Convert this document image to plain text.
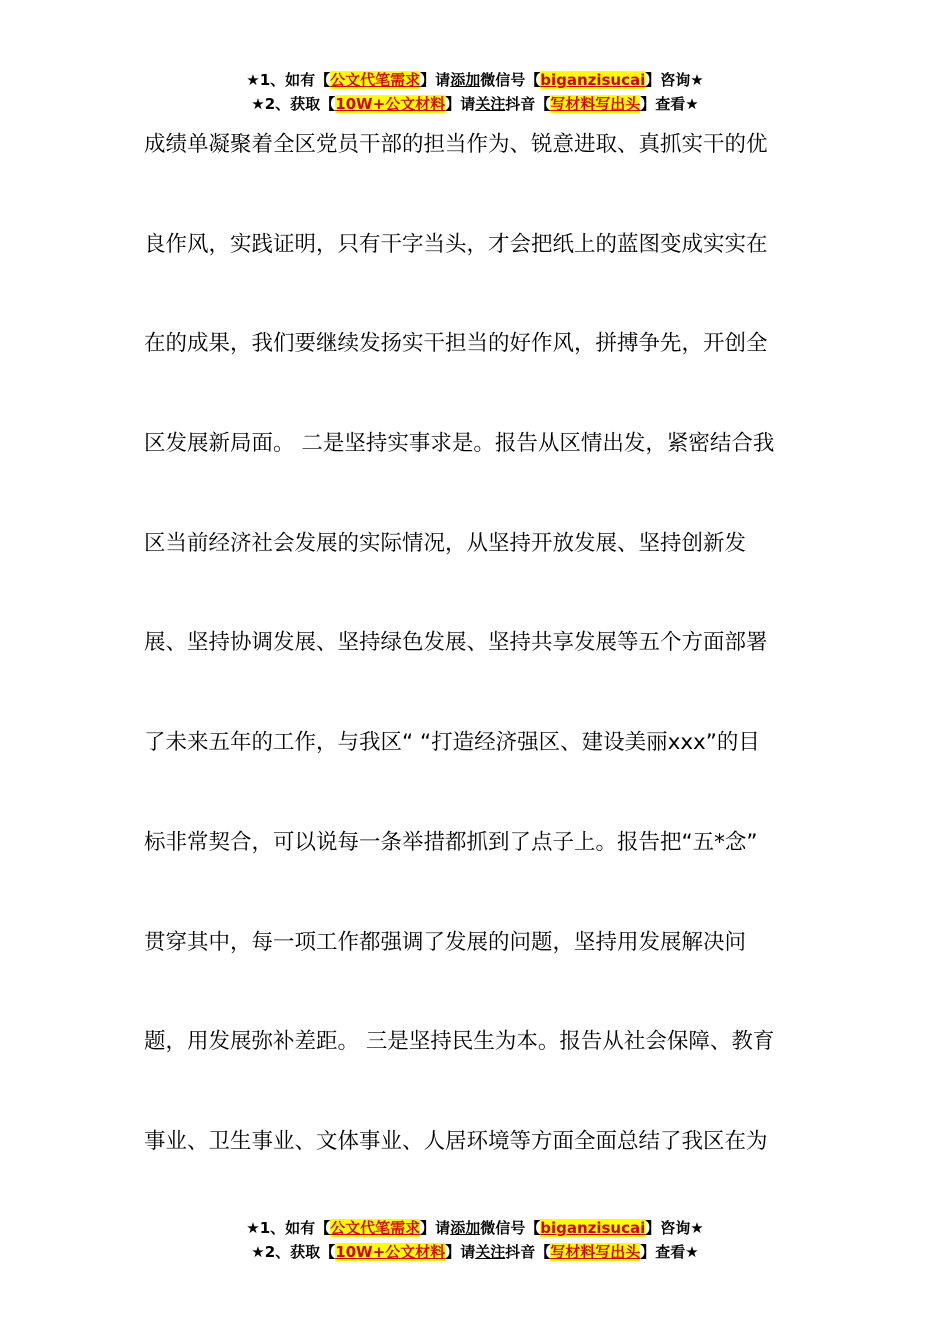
★1、如有【公文代笔需求】请添加微信号【biganzisucai】咨询★
★2、获取【10W+公文材料】请关注抖音【写材料写出头】查看★
成绩单凝聚着全区党员干部的担当作为、锐意进取、真抓实干的优
良作风，实践证明，只有干字当头，才会把纸上的蓝图变成实实在
在的成果，我们要继续发扬实干担当的好作风，拼搏争先，开创全
区发展新局面。 二是坚持实事求是。报告从区情出发，紧密结合我
区当前经济社会发展的实际情况，从坚持开放发展、坚持创新发
展、坚持协调发展、坚持绿色发展、坚持共享发展等五个方面部署
了未来五年的工作，与我区“ “打造经济强区、建设美丽xxx”的目
标非常契合，可以说每一条举措都抓到了点子上。报告把“五*念”
贯穿其中，每一项工作都强调了发展的问题，坚持用发展解决问
题，用发展弥补差距。 三是坚持民生为本。报告从社会保障、教育
事业、卫生事业、文体事业、人居环境等方面全面总结了我区在为
★1、如有【公文代笔需求】请添加微信号【biganzisucai】咨询★
★2、获取【10W+公文材料】请关注抖音【写材料写出头】查看★
